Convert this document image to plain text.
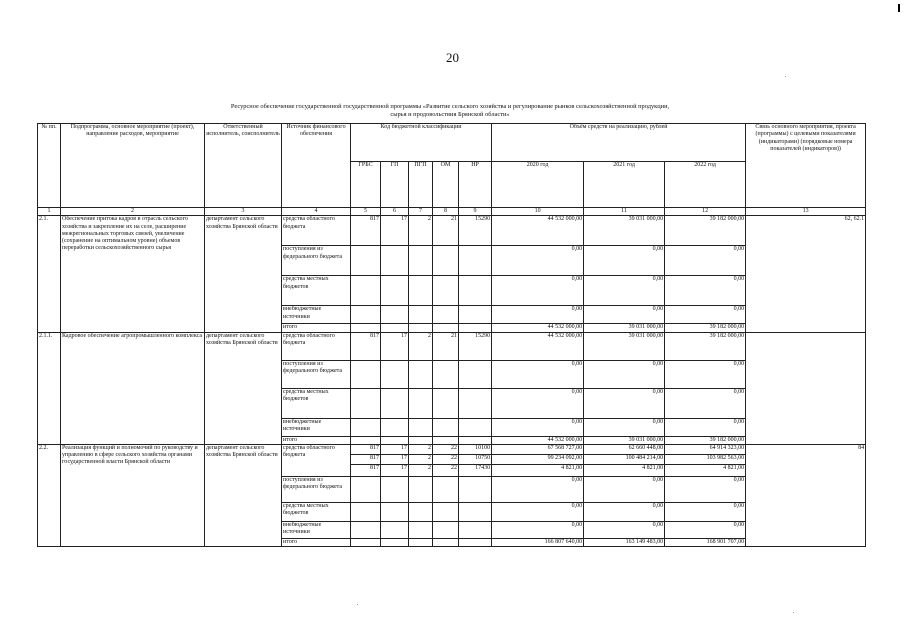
20
Ресурсное обеспечение государственной государственной программы «Развитие сельского хозяйства и регулирование рынков сельскохозяйственной продукции,
сырья и продовольствия Брянской области»
№ пп.	Подпрограмма, основное мероприятие (проект), направление расходов, мероприятие	Ответственный исполнитель, соисполнитель	Источник финансового обеспечения	Код бюджетной классификации					Объём средств на реализацию, рублей			Связь основного мероприятия, проекта (программы) с целевыми показателями (индикаторами) (порядковые номера показателей (индикаторов))
				ГРБС	ГП	ПГП	ОМ	НР	2020 год	2021 год	2022 год	
1	2	3	4	5	6	7	8	9	10	11	12	13
2.1.	Обеспечение притока кадров в отрасль сельского хозяйства и закрепление их на селе, расширение межрегиональных торговых связей, увеличение (сохранение на оптимальном уровне) объемов переработки сельскохозяйственного сырья	департамент сельского хозяйства Брянской области	средства областного бюджета	817	17	2	21	15290	44 532 000,00	39 031 000,00	39 182 000,00	62, 62.1
			поступления из федерального бюджета						0,00	0,00	0,00	
			средства местных бюджетов						0,00	0,00	0,00	
			внебюджетные источники						0,00	0,00	0,00	
			итого						44 532 000,00	39 031 000,00	39 182 000,00	
2.1.1.	Кадровое обеспечение агропромышленного комплекса	департамент сельского хозяйства Брянской области	средства областного бюджета	817	17	2	21	15290	44 532 000,00	39 031 000,00	39 182 000,00	
			поступления из федерального бюджета						0,00	0,00	0,00	
			средства местных бюджетов						0,00	0,00	0,00	
			внебюджетные источники						0,00	0,00	0,00	
			итого						44 532 000,00	39 031 000,00	39 182 000,00	
2.2.	Реализация функций и полномочий по руководству и управлению в сфере сельского хозяйства органами государственной власти Брянской области	департамент сельского хозяйства Брянской области	средства областного бюджета	817	17	2	22	10100	67 568 727,00	62 660 448,00	64 914 323,00	84
				817	17	2	22	10750	99 234 092,00	100 484 214,00	103 982 563,00	
				817	17	2	22	17430	4 821,00	4 821,00	4 821,00	
			поступления из федерального бюджета						0,00	0,00	0,00	
			средства местных бюджетов						0,00	0,00	0,00	
			внебюджетные источники						0,00	0,00	0,00	
			итого						166 807 640,00	163 149 483,00	168 901 707,00	
